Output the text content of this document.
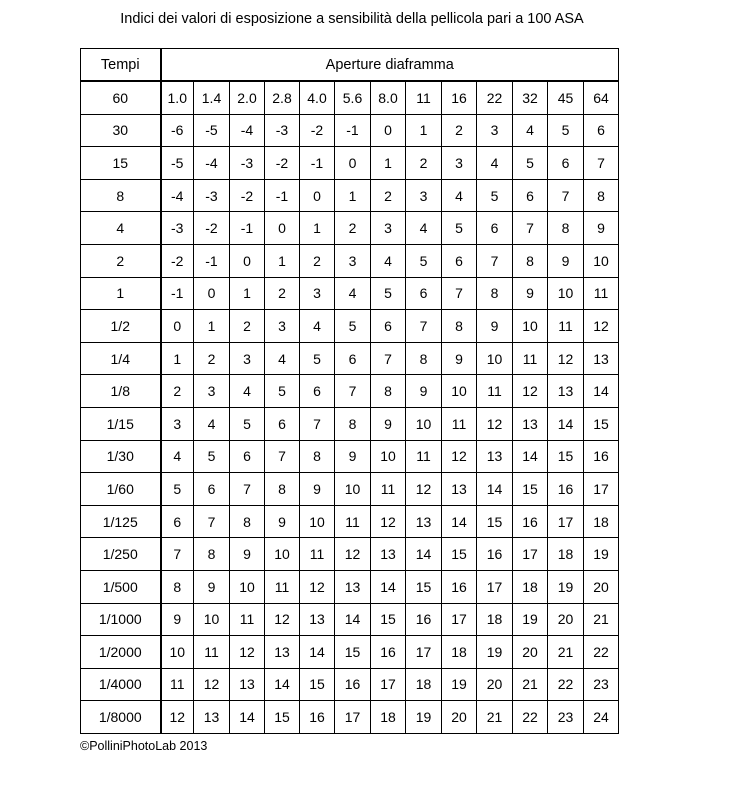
Indici dei valori di esposizione a sensibilità della pellicola pari a 100 ASA
Tempi	Aperture diaframma												
60	1.0	1.4	2.0	2.8	4.0	5.6	8.0	11	16	22	32	45	64
30	-6	-5	-4	-3	-2	-1	0	1	2	3	4	5	6
15	-5	-4	-3	-2	-1	0	1	2	3	4	5	6	7
8	-4	-3	-2	-1	0	1	2	3	4	5	6	7	8
4	-3	-2	-1	0	1	2	3	4	5	6	7	8	9
2	-2	-1	0	1	2	3	4	5	6	7	8	9	10
1	-1	0	1	2	3	4	5	6	7	8	9	10	11
1/2	0	1	2	3	4	5	6	7	8	9	10	11	12
1/4	1	2	3	4	5	6	7	8	9	10	11	12	13
1/8	2	3	4	5	6	7	8	9	10	11	12	13	14
1/15	3	4	5	6	7	8	9	10	11	12	13	14	15
1/30	4	5	6	7	8	9	10	11	12	13	14	15	16
1/60	5	6	7	8	9	10	11	12	13	14	15	16	17
1/125	6	7	8	9	10	11	12	13	14	15	16	17	18
1/250	7	8	9	10	11	12	13	14	15	16	17	18	19
1/500	8	9	10	11	12	13	14	15	16	17	18	19	20
1/1000	9	10	11	12	13	14	15	16	17	18	19	20	21
1/2000	10	11	12	13	14	15	16	17	18	19	20	21	22
1/4000	11	12	13	14	15	16	17	18	19	20	21	22	23
1/8000	12	13	14	15	16	17	18	19	20	21	22	23	24
©PolliniPhotoLab 2013
